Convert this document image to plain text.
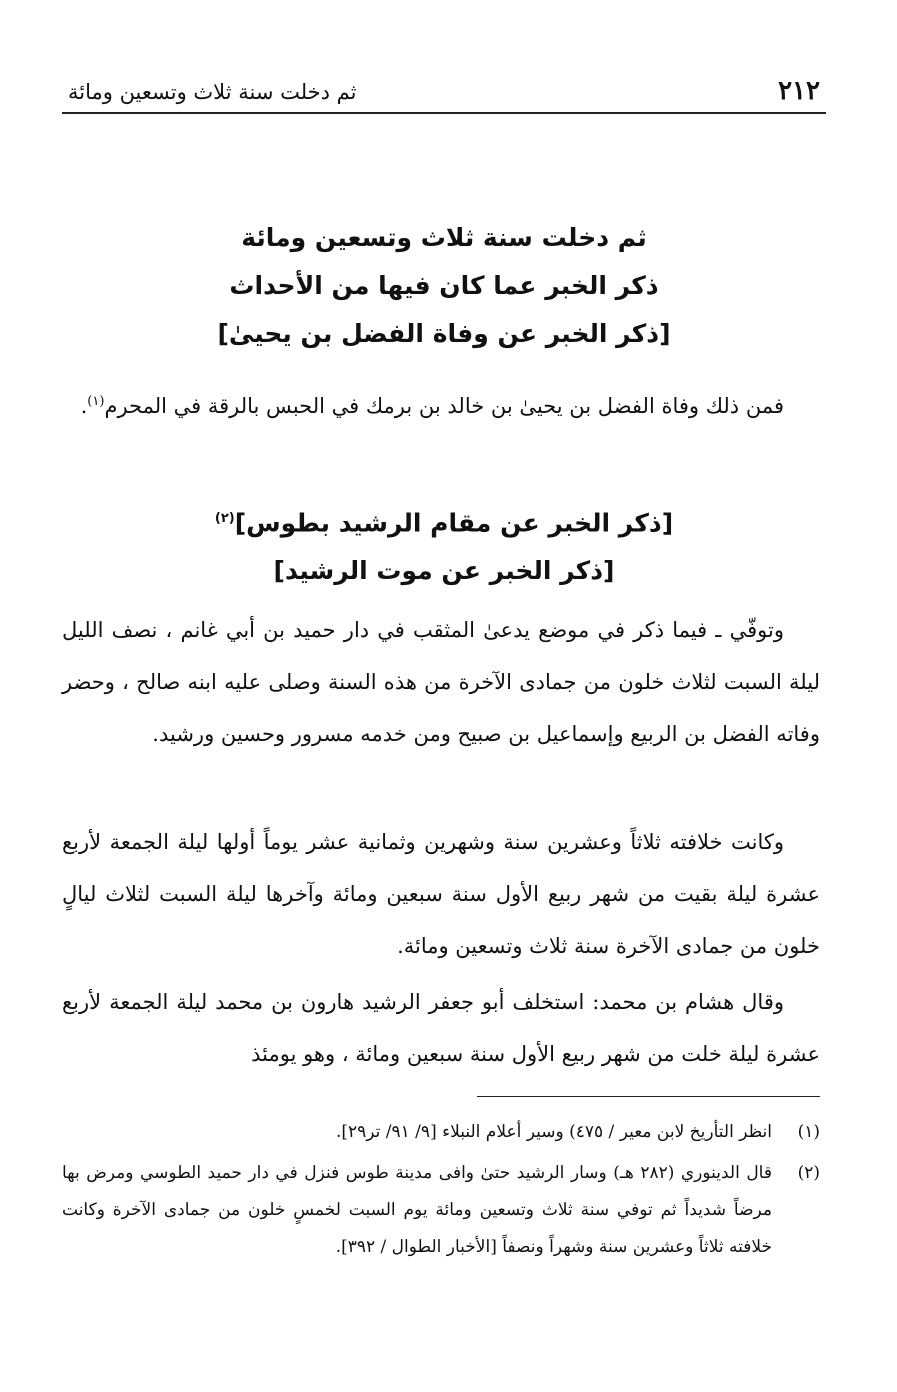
٢١٢
ثم دخلت سنة ثلاث وتسعين ومائة
ثم دخلت سنة ثلاث وتسعين ومائة
ذكر الخبر عما كان فيها من الأحداث
[ذكر الخبر عن وفاة الفضل بن يحيىٰ]
فمن ذلك وفاة الفضل بن يحيىٰ بن خالد بن برمك في الحبس بالرقة في المحرم$^{(١)}$.
[ذكر الخبر عن مقام الرشيد بطوس]$^{(٢)}$
[ذكر الخبر عن موت الرشيد]
وتوفّي ـ فيما ذكر في موضع يدعىٰ المثقب في دار حميد بن أبي غانم ، نصف الليل ليلة السبت لثلاث خلون من جمادى الآخرة من هذه السنة وصلى عليه ابنه صالح ، وحضر وفاته الفضل بن الربيع وإسماعيل بن صبيح ومن خدمه مسرور وحسين ورشيد.
وكانت خلافته ثلاثاً وعشرين سنة وشهرين وثمانية عشر يوماً أولها ليلة الجمعة لأربع عشرة ليلة بقيت من شهر ربيع الأول سنة سبعين ومائة وآخرها ليلة السبت لثلاث ليالٍ خلون من جمادى الآخرة سنة ثلاث وتسعين ومائة.
وقال هشام بن محمد: استخلف أبو جعفر الرشيد هارون بن محمد ليلة الجمعة لأربع عشرة ليلة خلت من شهر ربيع الأول سنة سبعين ومائة ، وهو يومئذ
(١)
انظر التأريخ لابن معير / ٤٧٥) وسير أعلام النبلاء [٩/ ٩١/ تر٢٩].
(٢)
قال الدينوري (٢٨٢ هـ) وسار الرشيد حتىٰ وافى مدينة طوس فنزل في دار حميد الطوسي ومرض بها مرضاً شديداً ثم توفي سنة ثلاث وتسعين ومائة يوم السبت لخمسٍ خلون من جمادى الآخرة وكانت خلافته ثلاثاً وعشرين سنة وشهراً ونصفاً [الأخبار الطوال / ٣٩٢].
